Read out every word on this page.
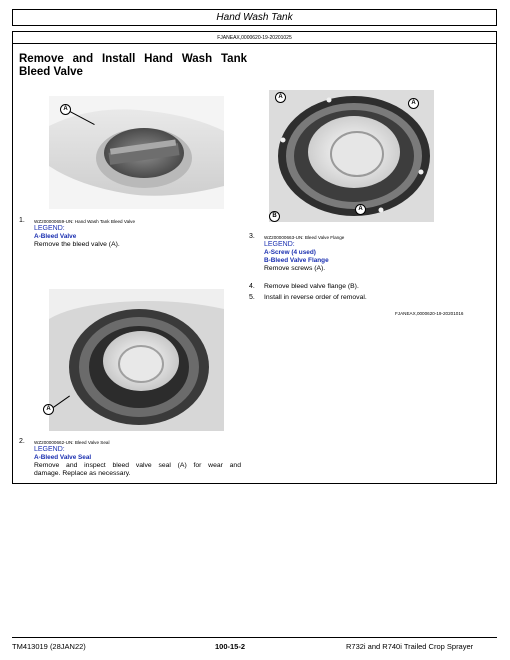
Hand Wash Tank
FJANEAX,0000620-19-20201025
Remove and Install Hand Wash Tank

Bleed Valve
A
1. WZ200000659-UN: Hand Wash Tank Bleed Valve
LEGEND:
A-Bleed Valve
Remove the bleed valve (A).
A
2. WZ200000662-UN: Bleed Valve Seal
LEGEND:
A-Bleed Valve Seal
Remove and inspect bleed valve seal (A) for wear and
damage. Replace as necessary.
A
A
A
B
3. WZ200000663-UN: Bleed Valve Flange
LEGEND:
A-Screw (4 used)
B-Bleed Valve Flange
Remove screws (A).
4. Remove bleed valve flange (B).
5. Install in reverse order of removal.
FJANEAX,0000620-19-20201016
TM413019 (28JAN22)	100-15-2	R732i and R740i Trailed Crop Sprayer
